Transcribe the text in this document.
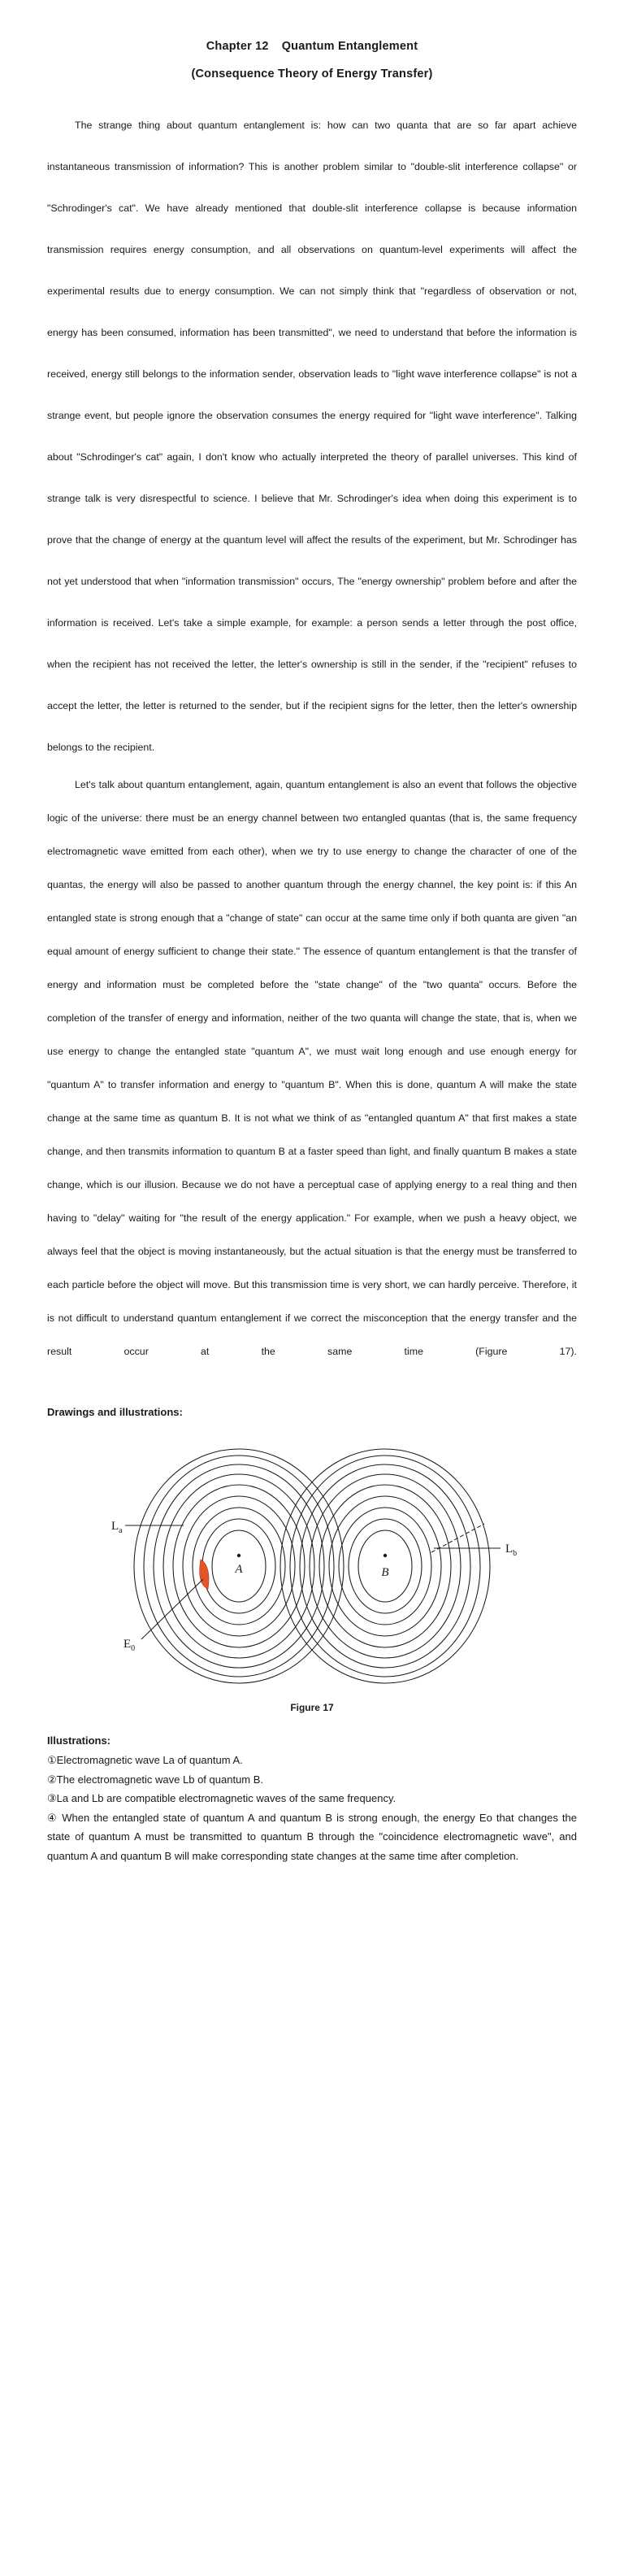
Chapter 12 Quantum Entanglement
(Consequence Theory of Energy Transfer)

The strange thing about quantum entanglement is: how can two quanta that are so far apart achieve instantaneous transmission of information? This is another problem similar to "double-slit interference collapse" or "Schrodinger's cat". We have already mentioned that double-slit interference collapse is because information transmission requires energy consumption, and all observations on quantum-level experiments will affect the experimental results due to energy consumption. We can not simply think that "regardless of observation or not, energy has been consumed, information has been transmitted", we need to understand that before the information is received, energy still belongs to the information sender, observation leads to "light wave interference collapse" is not a strange event, but people ignore the observation consumes the energy required for "light wave interference". Talking about "Schrodinger's cat" again, I don't know who actually interpreted the theory of parallel universes. This kind of strange talk is very disrespectful to science. I believe that Mr. Schrodinger's idea when doing this experiment is to prove that the change of energy at the quantum level will affect the results of the experiment, but Mr. Schrodinger has not yet understood that when "information transmission" occurs, The "energy ownership" problem before and after the information is received. Let's take a simple example, for example: a person sends a letter through the post office, when the recipient has not received the letter, the letter's ownership is still in the sender, if the "recipient" refuses to accept the letter, the letter is returned to the sender, but if the recipient signs for the letter, then the letter's ownership belongs to the recipient.

Let's talk about quantum entanglement, again, quantum entanglement is also an event that follows the objective logic of the universe: there must be an energy channel between two entangled quantas (that is, the same frequency electromagnetic wave emitted from each other), when we try to use energy to change the character of one of the quantas, the energy will also be passed to another quantum through the energy channel, the key point is: if this An entangled state is strong enough that a "change of state" can occur at the same time only if both quanta are given "an equal amount of energy sufficient to change their state." The essence of quantum entanglement is that the transfer of energy and information must be completed before the "state change" of the "two quanta" occurs. Before the completion of the transfer of energy and information, neither of the two quanta will change the state, that is, when we use energy to change the entangled state "quantum A", we must wait long enough and use enough energy for "quantum A" to transfer information and energy to "quantum B". When this is done, quantum A will make the state change at the same time as quantum B. It is not what we think of as "entangled quantum A" that first makes a state change, and then transmits information to quantum B at a faster speed than light, and finally quantum B makes a state change, which is our illusion. Because we do not have a perceptual case of applying energy to a real thing and then having to "delay" waiting for "the result of the energy application." For example, when we push a heavy object, we always feel that the object is moving instantaneously, but the actual situation is that the energy must be transferred to each particle before the object will move. But this transmission time is very short, we can hardly perceive. Therefore, it is not difficult to understand quantum entanglement if we correct the misconception that the energy transfer and the result occur at the same time (Figure 17).

Drawings and illustrations:

A	B
$L_a$
$L_b$
$E_0$
Figure 17

Illustrations:

①Electromagnetic wave La of quantum A.
②The electromagnetic wave Lb of quantum B.
③La and Lb are compatible electromagnetic waves of the same frequency.
④ When the entangled state of quantum A and quantum B is strong enough, the energy Eo that changes the state of quantum A must be transmitted to quantum B through the "coincidence electromagnetic wave", and quantum A and quantum B will make corresponding state changes at the same time after completion.
